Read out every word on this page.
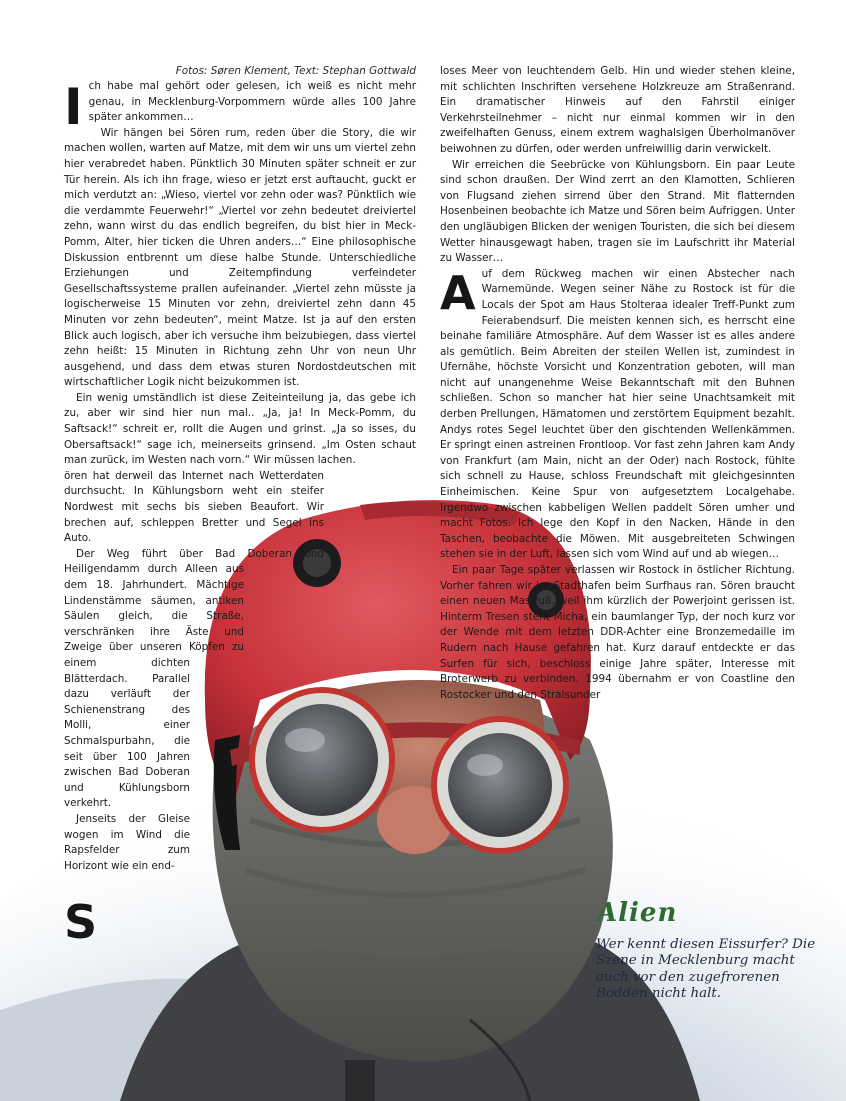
Fotos: Søren Klement, Text: Stephan Gottwald

Ich habe mal gehört oder gelesen, ich weiß es nicht mehr genau, in Mecklenburg-Vorpommern würde alles 100 Jahre später ankommen…

Wir hängen bei Sören rum, reden über die Story, die wir machen wollen, warten auf Matze, mit dem wir uns um viertel zehn hier verabredet haben. Pünktlich 30 Minuten später schneit er zur Tür herein. Als ich ihn frage, wieso er jetzt erst auftaucht, guckt er mich verdutzt an: „Wieso, viertel vor zehn oder was? Pünktlich wie die verdammte Feuerwehr!“ „Viertel vor zehn bedeutet dreiviertel zehn, wann wirst du das endlich begreifen, du bist hier in Meck-Pomm, Alter, hier ticken die Uhren anders…“ Eine philosophische Diskussion entbrennt um diese halbe Stunde. Unterschiedliche Erziehungen und Zeitempfindung verfeindeter Gesellschaftssysteme prallen aufeinander. „Viertel zehn müsste ja logischerweise 15 Minuten vor zehn, dreiviertel zehn dann 45 Minuten vor zehn bedeuten“, meint Matze. Ist ja auf den ersten Blick auch logisch, aber ich versuche ihm beizubiegen, dass viertel zehn heißt: 15 Minuten in Richtung zehn Uhr von neun Uhr ausgehend, und dass dem etwas sturen Nordostdeutschen mit wirtschaftlicher Logik nicht beizukommen ist.

Ein wenig umständlich ist diese Zeiteinteilung ja, das gebe ich zu, aber wir sind hier nun mal.. „Ja, ja! In Meck-Pomm, du Saftsack!“ schreit er, rollt die Augen und grinst. „Ja so isses, du Obersaftsack!“ sage ich, meinerseits grinsend. „Im Osten schaut man zurück, im Westen nach vorn.“ Wir müssen lachen.

S
ören hat derweil das Internet nach Wetterdaten durchsucht. In Kühlungsborn weht ein steifer Nordwest mit sechs bis sieben Beaufort. Wir brechen auf, schleppen Bretter und Segel ins Auto.

Der Weg führt über Bad Doberan und Heiligendamm durch Alleen aus dem 18. Jahrhundert. Mächtige Lindenstämme säumen, antiken Säulen gleich, die Straße, verschränken ihre Äste und Zweige über unseren Köpfen zu einem dichten Blätterdach. Parallel dazu verläuft der Schienenstrang des Molli, einer Schmalspurbahn, die seit über 100 Jahren zwischen Bad Doberan und Kühlungsborn verkehrt.

Jenseits der Gleise wogen im Wind die Rapsfelder zum Horizont wie ein end-

loses Meer von leuchtendem Gelb. Hin und wieder stehen kleine, mit schlichten Inschriften versehene Holzkreuze am Straßenrand. Ein dramatischer Hinweis auf den Fahrstil einiger Verkehrsteilnehmer – nicht nur einmal kommen wir in den zweifelhaften Genuss, einem extrem waghalsigen Überholmanöver beiwohnen zu dürfen, oder werden unfreiwillig darin verwickelt.

Wir erreichen die Seebrücke von Kühlungsborn. Ein paar Leute sind schon draußen. Der Wind zerrt an den Klamotten, Schlieren von Flugsand ziehen sirrend über den Strand. Mit flatternden Hosenbeinen beobachte ich Matze und Sören beim Aufriggen. Unter den ungläubigen Blicken der wenigen Touristen, die sich bei diesem Wetter hinausgewagt haben, tragen sie im Laufschritt ihr Material zu Wasser…

Auf dem Rückweg machen wir einen Abstecher nach Warnemünde. Wegen seiner Nähe zu Rostock ist für die Locals der Spot am Haus Stolteraa idealer Treff-Punkt zum Feierabendsurf. Die meisten kennen sich, es herrscht eine beinahe familiäre Atmosphäre. Auf dem Wasser ist es alles andere als gemütlich. Beim Abreiten der steilen Wellen ist, zumindest in Ufernähe, höchste Vorsicht und Konzentration geboten, will man nicht auf unangenehme Weise Bekanntschaft mit den Buhnen schließen. Schon so mancher hat hier seine Unachtsamkeit mit derben Prellungen, Hämatomen und zerstörtem Equipment bezahlt. Andys rotes Segel leuchtet über den gischtenden Wellenkämmen. Er springt einen astreinen Frontloop. Vor fast zehn Jahren kam Andy von Frankfurt (am Main, nicht an der Oder) nach Rostock, fühlte sich schnell zu Hause, schloss Freundschaft mit gleichgesinnten Einheimischen. Keine Spur von aufgesetztem Localgehabe. Irgendwo zwischen kabbeligen Wellen paddelt Sören umher und macht Fotos. Ich lege den Kopf in den Nacken, Hände in den Taschen, beobachte die Möwen. Mit ausgebreiteten Schwingen stehen sie in der Luft, lassen sich vom Wind auf und ab wiegen…

Ein paar Tage später verlassen wir Rostock in östlicher Richtung. Vorher fahren wir im Stadthafen beim Surfhaus ran. Sören braucht einen neuen Mastfuß, weil ihm kürzlich der Powerjoint gerissen ist. Hinterm Tresen steht Micha, ein baumlanger Typ, der noch kurz vor der Wende mit dem letzten DDR-Achter eine Bronzemedaille im Rudern nach Hause gefahren hat. Kurz darauf entdeckte er das Surfen für sich, beschloss einige Jahre später, Interesse mit Broterwerb zu verbinden. 1994 übernahm er von Coastline den Rostocker und den Stralsunder

Alien

Wer kennt diesen Eissurfer? Die Szene in Mecklenburg macht auch vor den zugefrorenen Bodden nicht halt.
